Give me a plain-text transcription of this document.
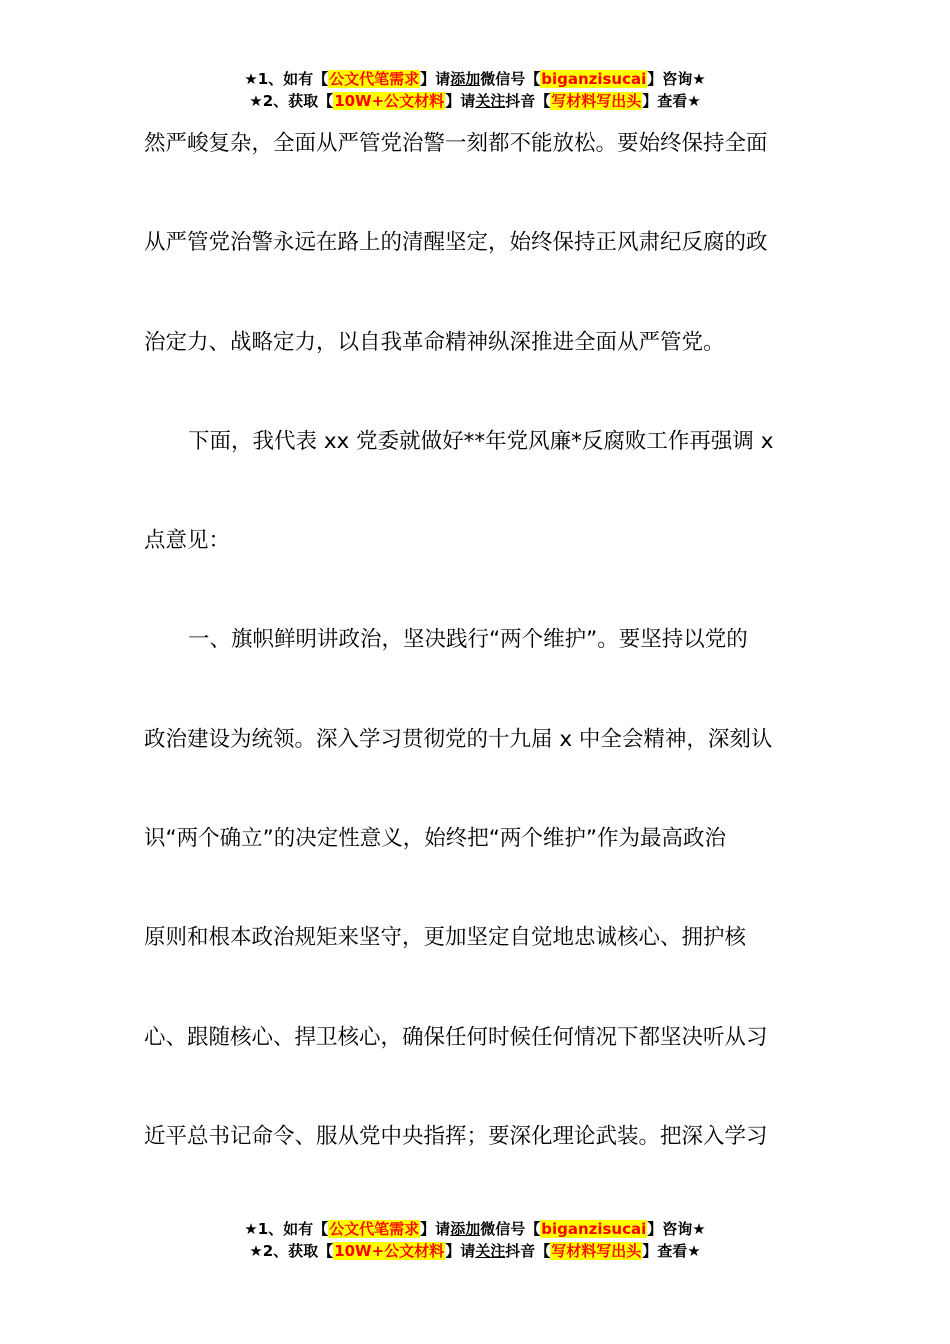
★1、如有【公文代笔需求】请添加微信号【biganzisucai】咨询★
★2、获取【10W+公文材料】请关注抖音【写材料写出头】查看★
然严峻复杂，全面从严管党治警一刻都不能放松。要始终保持全面
从严管党治警永远在路上的清醒坚定，始终保持正风肃纪反腐的政
治定力、战略定力，以自我革命精神纵深推进全面从严管党。
下面，我代表 xx 党委就做好**年党风廉*反腐败工作再强调 x
点意见：
一、旗帜鲜明讲政治，坚决践行“两个维护”。要坚持以党的
政治建设为统领。深入学习贯彻党的十九届 x 中全会精神，深刻认
识“两个确立”的决定性意义，始终把“两个维护”作为最高政治
原则和根本政治规矩来坚守，更加坚定自觉地忠诚核心、拥护核
心、跟随核心、捍卫核心，确保任何时候任何情况下都坚决听从习
近平总书记命令、服从党中央指挥；要深化理论武装。把深入学习
★1、如有【公文代笔需求】请添加微信号【biganzisucai】咨询★
★2、获取【10W+公文材料】请关注抖音【写材料写出头】查看★
